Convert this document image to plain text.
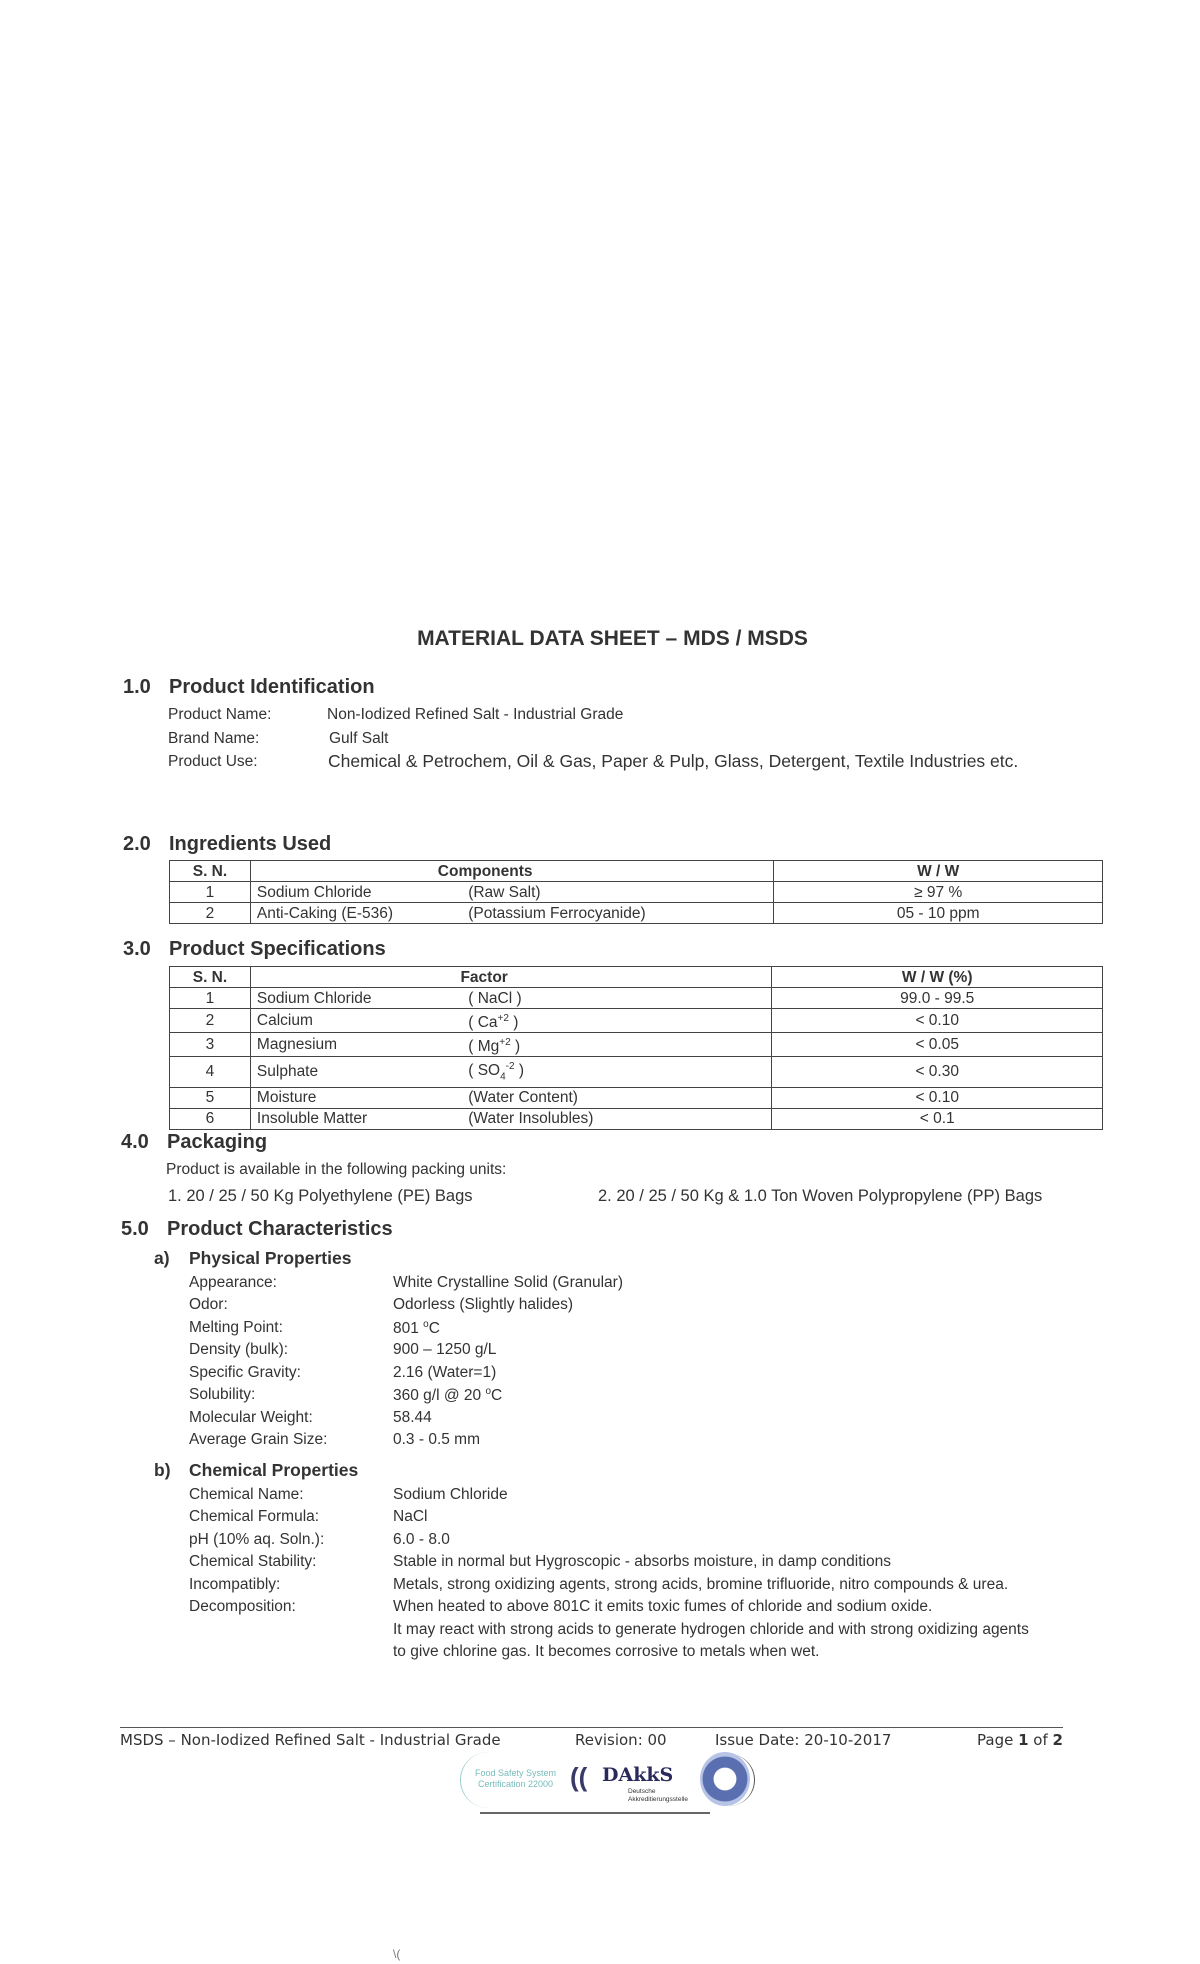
MATERIAL DATA SHEET – MDS / MSDS
1.0 Product Identification
Product Name:	Non-Iodized Refined Salt - Industrial Grade
Brand Name:	Gulf Salt
Product Use:	Chemical & Petrochem, Oil & Gas, Paper & Pulp, Glass, Detergent, Textile Industries etc.
2.0 Ingredients Used
S. N.	Components		W / W
1	Sodium Chloride	(Raw Salt)	≥ 97 %
2	Anti-Caking (E-536)	(Potassium Ferrocyanide)	05 - 10 ppm
3.0 Product Specifications
S. N.	Factor		W / W (%)
1	Sodium Chloride	( NaCl )	99.0 - 99.5
2	Calcium	( $Ca^{+2}$ )	< 0.10
3	Magnesium	( $Mg^{+2}$ )	< 0.05
4	Sulphate	( $SO_4^{-2}$ )	< 0.30
5	Moisture	(Water Content)	< 0.10
6	Insoluble Matter	(Water Insolubles)	< 0.1
4.0 Packaging
Product is available in the following packing units:
1. 20 / 25 / 50 Kg Polyethylene (PE) Bags	2. 20 / 25 / 50 Kg & 1.0 Ton Woven Polypropylene (PP) Bags
5.0 Product Characteristics
a) Physical Properties
Appearance:	White Crystalline Solid (Granular)
Odor:	Odorless (Slightly halides)
Melting Point:	801 $^o$C
Density (bulk):	900 – 1250 g/L
Specific Gravity:	2.16 (Water=1)
Solubility:	360 g/l @ 20 $^o$C
Molecular Weight:	58.44
Average Grain Size:	0.3 - 0.5 mm
b) Chemical Properties
Chemical Name:	Sodium Chloride
Chemical Formula:	NaCl
pH (10% aq. Soln.):	6.0 - 8.0
Chemical Stability:	Stable in normal but Hygroscopic - absorbs moisture, in damp conditions
Incompatibly:	Metals, strong oxidizing agents, strong acids, bromine trifluoride, nitro compounds & urea.
Decomposition:	When heated to above 801C it emits toxic fumes of chloride and sodium oxide.
It may react with strong acids to generate hydrogen chloride and with strong oxidizing agents
to give chlorine gas. It becomes corrosive to metals when wet.
MSDS – Non-Iodized Refined Salt - Industrial Grade	Revision: 00	Issue Date: 20-10-2017	Page 1 of 2
Food Safety System
Certification 22000 (( DAkkS
Deutsche
Akkreditierungsstelle
\(
